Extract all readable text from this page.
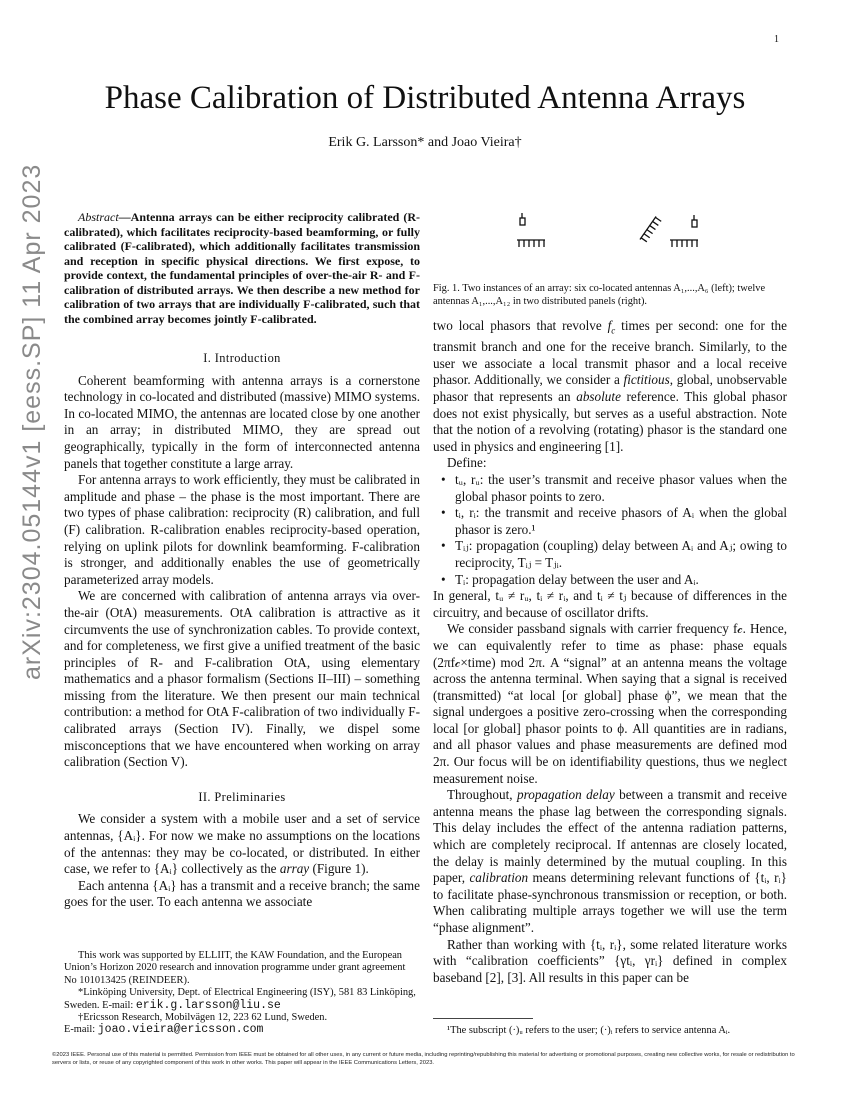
1
arXiv:2304.05144v1 [eess.SP] 11 Apr 2023
Phase Calibration of Distributed Antenna Arrays
Erik G. Larsson* and Joao Vieira†

Abstract—Antenna arrays can be either reciprocity calibrated (R-calibrated), which facilitates reciprocity-based beamforming, or fully calibrated (F-calibrated), which additionally facilitates transmission and reception in specific physical directions. We first expose, to provide context, the fundamental principles of over-the-air R- and F-calibration of distributed arrays. We then describe a new method for calibration of two arrays that are individually F-calibrated, such that the combined array becomes jointly F-calibrated.

I. Introduction

Coherent beamforming with antenna arrays is a cornerstone technology in co-located and distributed (massive) MIMO systems. In co-located MIMO, the antennas are located close by one another in an array; in distributed MIMO, they are spread out geographically, typically in the form of interconnected antenna panels that together constitute a large array.

For antenna arrays to work efficiently, they must be calibrated in amplitude and phase – the phase is the most important. There are two types of phase calibration: reciprocity (R) calibration, and full (F) calibration. R-calibration enables reciprocity-based operation, relying on uplink pilots for downlink beamforming. F-calibration is stronger, and additionally enables the use of geometrically parameterized array models.

We are concerned with calibration of antenna arrays via over-the-air (OtA) measurements. OtA calibration is attractive as it circumvents the use of synchronization cables. To provide context, and for completeness, we first give a unified treatment of the basic principles of R- and F-calibration OtA, using elementary mathematics and a phasor formalism (Sections II–III) – something missing from the literature. We then present our main technical contribution: a method for OtA F-calibration of two individually F-calibrated arrays (Section IV). Finally, we dispel some misconceptions that we have encountered when working on array calibration (Section V).

II. Preliminaries

We consider a system with a mobile user and a set of service antennas, {Aᵢ}. For now we make no assumptions on the locations of the antennas: they may be co-located, or distributed. In either case, we refer to {Aᵢ} collectively as the array (Figure 1).

Each antenna {Aᵢ} has a transmit and a receive branch; the same goes for the user. To each antenna we associate

This work was supported by ELLIIT, the KAW Foundation, and the European Union’s Horizon 2020 research and innovation programme under grant agreement No 101013425 (REINDEER).

*Linköping University, Dept. of Electrical Engineering (ISY), 581 83 Linköping, Sweden. E-mail: erik.g.larsson@liu.se

†Ericsson Research, Mobilvägen 12, 223 62 Lund, Sweden.

E-mail: joao.vieira@ericsson.com

Fig. 1. Two instances of an array: six co-located antennas A₁,...,A₆ (left); twelve antennas A₁,...,A₁₂ in two distributed panels (right).

two local phasors that revolve $f_c$ times per second: one for the transmit branch and one for the receive branch. Similarly, to the user we associate a local transmit phasor and a local receive phasor. Additionally, we consider a fictitious, global, unobservable phasor that represents an absolute reference. This global phasor does not exist physically, but serves as a useful abstraction. Note that the notion of a revolving (rotating) phasor is the standard one used in physics and engineering [1].

Define:

• tᵤ, rᵤ: the user’s transmit and receive phasor values when the global phasor points to zero.
• tᵢ, rᵢ: the transmit and receive phasors of Aᵢ when the global phasor is zero.¹
• Tᵢⱼ: propagation (coupling) delay between Aᵢ and Aⱼ; owing to reciprocity, Tᵢⱼ = Tⱼᵢ.
• Tᵢ: propagation delay between the user and Aᵢ.

In general, tᵤ ≠ rᵤ, tᵢ ≠ rᵢ, and tᵢ ≠ tⱼ because of differences in the circuitry, and because of oscillator drifts.

We consider passband signals with carrier frequency f𝒸. Hence, we can equivalently refer to time as phase: phase equals (2πf𝒸×time) mod 2π. A “signal” at an antenna means the voltage across the antenna terminal. When saying that a signal is received (transmitted) “at local [or global] phase ϕ”, we mean that the signal undergoes a positive zero-crossing when the corresponding local [or global] phasor points to ϕ. All quantities are in radians, and all phasor values and phase measurements are defined mod 2π. Our focus will be on identifiability questions, thus we neglect measurement noise.

Throughout, propagation delay between a transmit and receive antenna means the phase lag between the corresponding signals. This delay includes the effect of the antenna radiation patterns, which are completely reciprocal. If antennas are closely located, the delay is mainly determined by the mutual coupling. In this paper, calibration means determining relevant functions of {tᵢ, rᵢ} to facilitate phase-synchronous transmission or reception, or both. When calibrating multiple arrays together we will use the term “phase alignment”.

Rather than working with {tᵢ, rᵢ}, some related literature works with “calibration coefficients” {γtᵢ, γrᵢ} defined in complex baseband [2], [3]. All results in this paper can be

¹The subscript (·)ᵤ refers to the user; (·)ᵢ refers to service antenna Aᵢ.

©2023 IEEE. Personal use of this material is permitted. Permission from IEEE must be obtained for all other uses, in any current or future media, including reprinting/republishing this material for advertising or promotional purposes, creating new collective works, for resale or redistribution to servers or lists, or reuse of any copyrighted component of this work in other works. This paper will appear in the IEEE Communications Letters, 2023.
